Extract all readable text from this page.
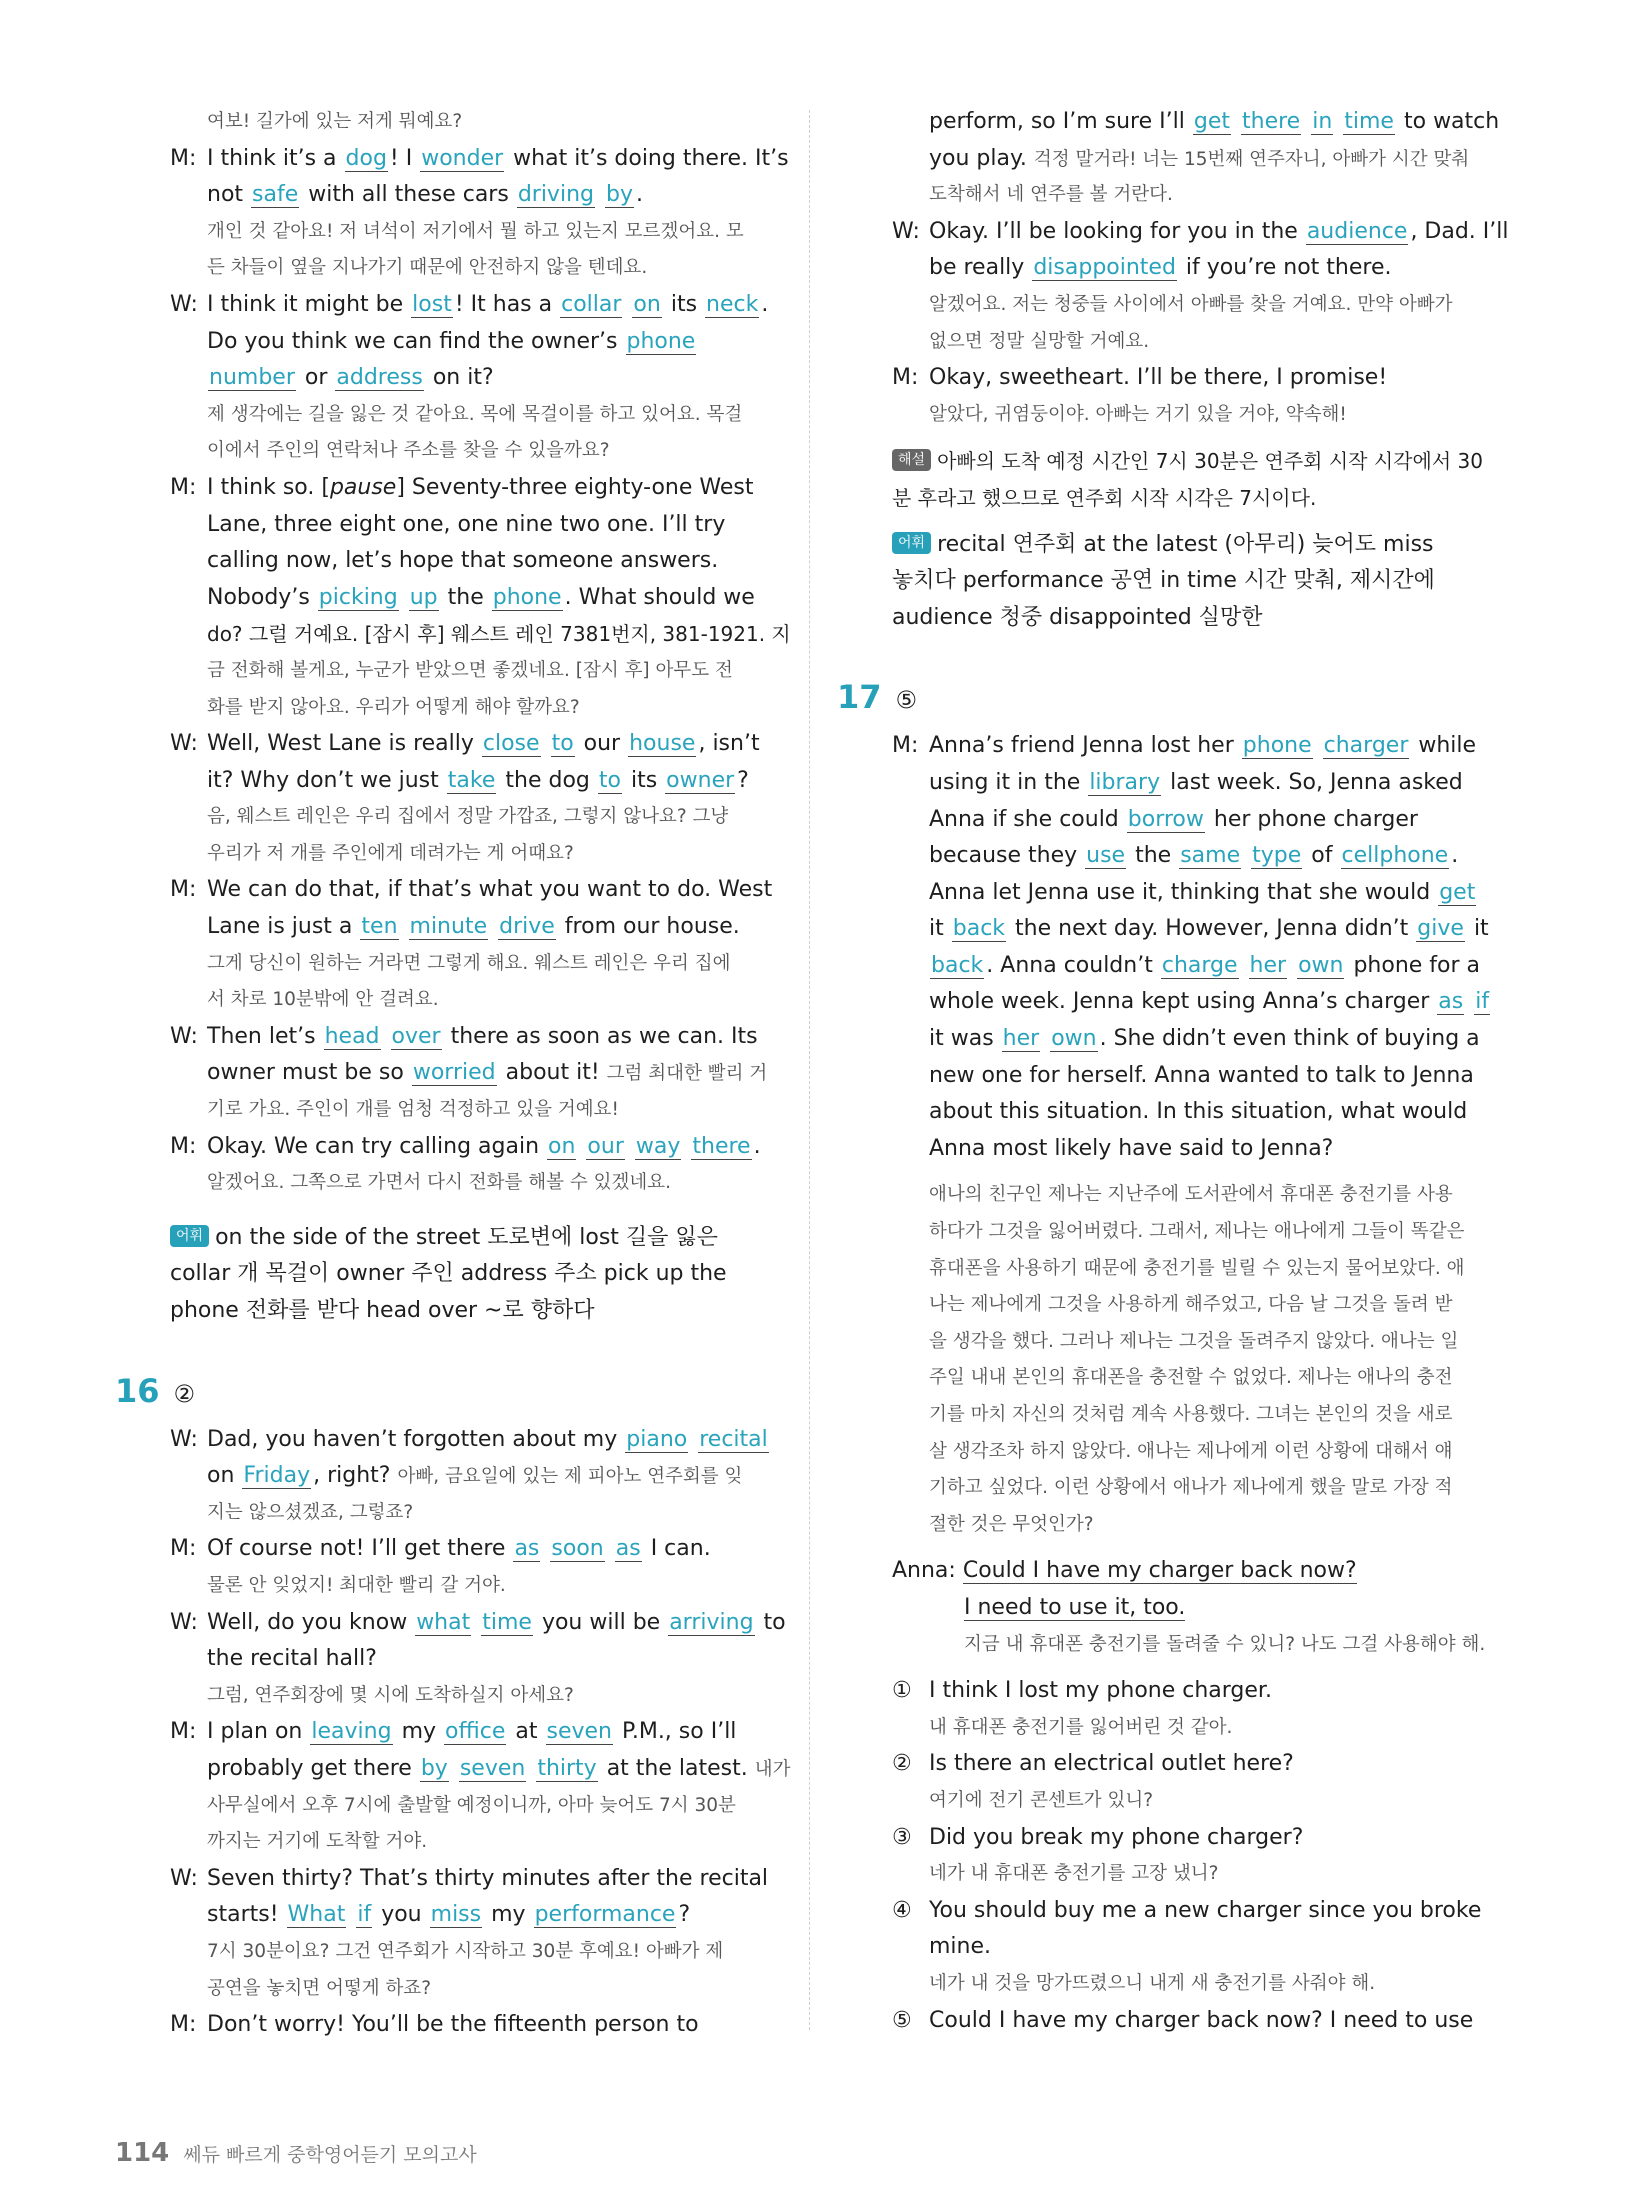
여보! 길가에 있는 저게 뭐예요?
M: I think it’s a dog ! I wonder what it’s doing there. It’s
not safe with all these cars driving by .
개인 것 같아요! 저 녀석이 저기에서 뭘 하고 있는지 모르겠어요. 모
든 차들이 옆을 지나가기 때문에 안전하지 않을 텐데요.
W: I think it might be lost ! It has a collar on its neck .
Do you think we can find the owner’s phone
number or address on it?
제 생각에는 길을 잃은 것 같아요. 목에 목걸이를 하고 있어요. 목걸
이에서 주인의 연락처나 주소를 찾을 수 있을까요?
M: I think so. [pause] Seventy-three eighty-one West
Lane, three eight one, one nine two one. I’ll try
calling now, let’s hope that someone answers.
Nobody’s picking up the phone . What should we
do? 그럴 거예요. [잠시 후] 웨스트 레인 7381번지, 381-1921. 지
금 전화해 볼게요, 누군가 받았으면 좋겠네요. [잠시 후] 아무도 전
화를 받지 않아요. 우리가 어떻게 해야 할까요?
W: Well, West Lane is really close to our house , isn’t
it? Why don’t we just take the dog to its owner ?
음, 웨스트 레인은 우리 집에서 정말 가깝죠, 그렇지 않나요? 그냥
우리가 저 개를 주인에게 데려가는 게 어때요?
M: We can do that, if that’s what you want to do. West
Lane is just a ten minute drive from our house.
그게 당신이 원하는 거라면 그렇게 해요. 웨스트 레인은 우리 집에
서 차로 10분밖에 안 걸려요.
W: Then let’s head over there as soon as we can. Its
owner must be so worried about it! 그럼 최대한 빨리 거
기로 가요. 주인이 개를 엄청 걱정하고 있을 거예요!
M: Okay. We can try calling again on our way there .
알겠어요. 그쪽으로 가면서 다시 전화를 해볼 수 있겠네요.
어휘 on the side of the street 도로변에 lost 길을 잃은
collar 개 목걸이 owner 주인 address 주소 pick up the
phone 전화를 받다 head over ~로 향하다
16 ②
W: Dad, you haven’t forgotten about my piano recital
on Friday , right? 아빠, 금요일에 있는 제 피아노 연주회를 잊
지는 않으셨겠죠, 그렇죠?
M: Of course not! I’ll get there as soon as I can.
물론 안 잊었지! 최대한 빨리 갈 거야.
W: Well, do you know what time you will be arriving to
the recital hall?
그럼, 연주회장에 몇 시에 도착하실지 아세요?
M: I plan on leaving my office at seven P.M., so I’ll
probably get there by seven thirty at the latest. 내가
사무실에서 오후 7시에 출발할 예정이니까, 아마 늦어도 7시 30분
까지는 거기에 도착할 거야.
W: Seven thirty? That’s thirty minutes after the recital
starts! What if you miss my performance ?
7시 30분이요? 그건 연주회가 시작하고 30분 후예요! 아빠가 제
공연을 놓치면 어떻게 하죠?
M: Don’t worry! You’ll be the fifteenth person to
perform, so I’m sure I’ll get there in time to watch
you play. 걱정 말거라! 너는 15번째 연주자니, 아빠가 시간 맞춰
도착해서 네 연주를 볼 거란다.
W: Okay. I’ll be looking for you in the audience , Dad. I’ll
be really disappointed if you’re not there.
알겠어요. 저는 청중들 사이에서 아빠를 찾을 거예요. 만약 아빠가
없으면 정말 실망할 거예요.
M: Okay, sweetheart. I’ll be there, I promise!
알았다, 귀염둥이야. 아빠는 거기 있을 거야, 약속해!
해설 아빠의 도착 예정 시간인 7시 30분은 연주회 시작 시각에서 30
분 후라고 했으므로 연주회 시작 시각은 7시이다.
어휘 recital 연주회 at the latest (아무리) 늦어도 miss
놓치다 performance 공연 in time 시간 맞춰, 제시간에
audience 청중 disappointed 실망한
17 ⑤
M: Anna’s friend Jenna lost her phone charger while
using it in the library last week. So, Jenna asked
Anna if she could borrow her phone charger
because they use the same type of cellphone .
Anna let Jenna use it, thinking that she would get
it back the next day. However, Jenna didn’t give it
back . Anna couldn’t charge her own phone for a
whole week. Jenna kept using Anna’s charger as if
it was her own . She didn’t even think of buying a
new one for herself. Anna wanted to talk to Jenna
about this situation. In this situation, what would
Anna most likely have said to Jenna?
애나의 친구인 제나는 지난주에 도서관에서 휴대폰 충전기를 사용
하다가 그것을 잃어버렸다. 그래서, 제나는 애나에게 그들이 똑같은
휴대폰을 사용하기 때문에 충전기를 빌릴 수 있는지 물어보았다. 애
나는 제나에게 그것을 사용하게 해주었고, 다음 날 그것을 돌려 받
을 생각을 했다. 그러나 제나는 그것을 돌려주지 않았다. 애나는 일
주일 내내 본인의 휴대폰을 충전할 수 없었다. 제나는 애나의 충전
기를 마치 자신의 것처럼 계속 사용했다. 그녀는 본인의 것을 새로
살 생각조차 하지 않았다. 애나는 제나에게 이런 상황에 대해서 얘
기하고 싶었다. 이런 상황에서 애나가 제나에게 했을 말로 가장 적
절한 것은 무엇인가?
Anna: Could I have my charger back now?
I need to use it, too.
지금 내 휴대폰 충전기를 돌려줄 수 있니? 나도 그걸 사용해야 해.
① I think I lost my phone charger.
내 휴대폰 충전기를 잃어버린 것 같아.
② Is there an electrical outlet here?
여기에 전기 콘센트가 있니?
③ Did you break my phone charger?
네가 내 휴대폰 충전기를 고장 냈니?
④ You should buy me a new charger since you broke
mine.
네가 내 것을 망가뜨렸으니 내게 새 충전기를 사줘야 해.
⑤ Could I have my charger back now? I need to use
114 쎄듀 빠르게 중학영어듣기 모의고사
